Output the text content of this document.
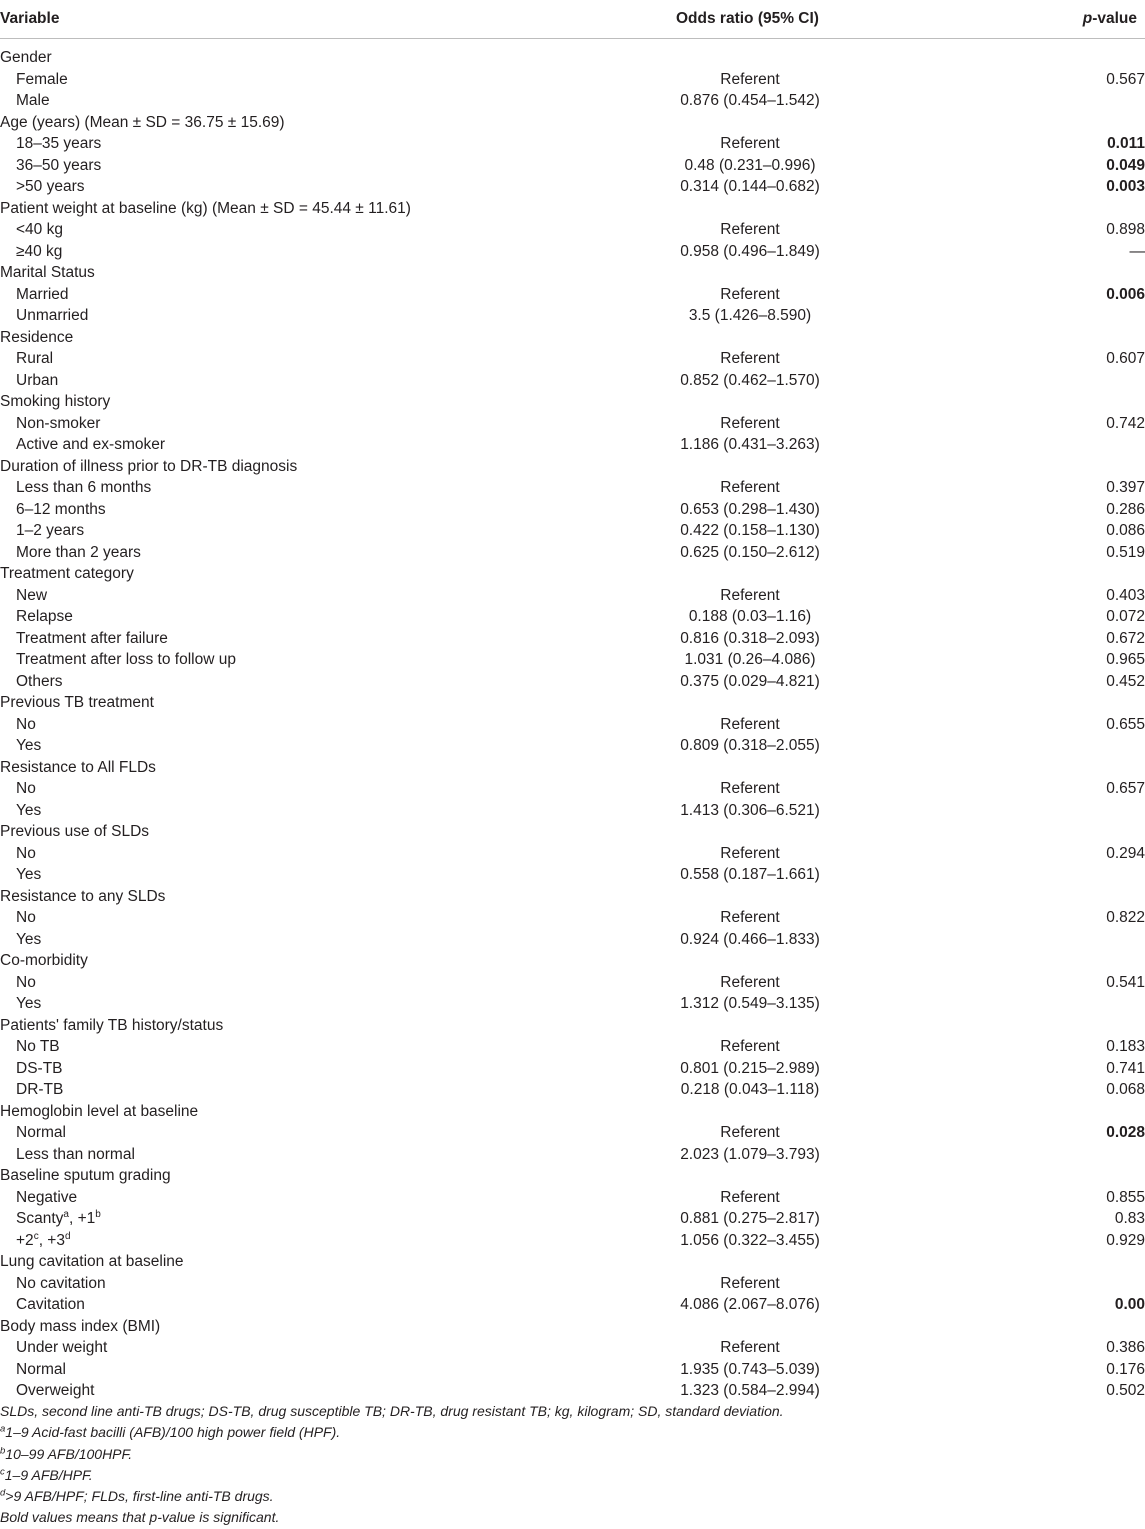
Variable	Odds ratio (95% CI)	p-value
Gender		
Female	Referent	0.567
Male	0.876 (0.454–1.542)	
Age (years) (Mean ± SD = 36.75 ± 15.69)		
18–35 years	Referent	0.011
36–50 years	0.48 (0.231–0.996)	0.049
>50 years	0.314 (0.144–0.682)	0.003
Patient weight at baseline (kg) (Mean ± SD = 45.44 ± 11.61)		
<40 kg	Referent	0.898
≥40 kg	0.958 (0.496–1.849)	—
Marital Status		
Married	Referent	0.006
Unmarried	3.5 (1.426–8.590)	
Residence		
Rural	Referent	0.607
Urban	0.852 (0.462–1.570)	
Smoking history		
Non-smoker	Referent	0.742
Active and ex-smoker	1.186 (0.431–3.263)	
Duration of illness prior to DR-TB diagnosis		
Less than 6 months	Referent	0.397
6–12 months	0.653 (0.298–1.430)	0.286
1–2 years	0.422 (0.158–1.130)	0.086
More than 2 years	0.625 (0.150–2.612)	0.519
Treatment category		
New	Referent	0.403
Relapse	0.188 (0.03–1.16)	0.072
Treatment after failure	0.816 (0.318–2.093)	0.672
Treatment after loss to follow up	1.031 (0.26–4.086)	0.965
Others	0.375 (0.029–4.821)	0.452
Previous TB treatment		
No	Referent	0.655
Yes	0.809 (0.318–2.055)	
Resistance to All FLDs		
No	Referent	0.657
Yes	1.413 (0.306–6.521)	
Previous use of SLDs		
No	Referent	0.294
Yes	0.558 (0.187–1.661)	
Resistance to any SLDs		
No	Referent	0.822
Yes	0.924 (0.466–1.833)	
Co-morbidity		
No	Referent	0.541
Yes	1.312 (0.549–3.135)	
Patients' family TB history/status		
No TB	Referent	0.183
DS-TB	0.801 (0.215–2.989)	0.741
DR-TB	0.218 (0.043–1.118)	0.068
Hemoglobin level at baseline		
Normal	Referent	0.028
Less than normal	2.023 (1.079–3.793)	
Baseline sputum grading		
Negative	Referent	0.855
Scanty$^a$, $+1^b$	0.881 (0.275–2.817)	0.83
$+2^c$, $+3^d$	1.056 (0.322–3.455)	0.929
Lung cavitation at baseline		
No cavitation	Referent	
Cavitation	4.086 (2.067–8.076)	0.00
Body mass index (BMI)		
Under weight	Referent	0.386
Normal	1.935 (0.743–5.039)	0.176
Overweight	1.323 (0.584–2.994)	0.502
SLDs, second line anti-TB drugs; DS-TB, drug susceptible TB; DR-TB, drug resistant TB; kg, kilogram; SD, standard deviation.
$^a$1–9 Acid-fast bacilli (AFB)/100 high power field (HPF).
$^b$10–99 AFB/100HPF.
$^c$1–9 AFB/HPF.
$^d$>9 AFB/HPF; FLDs, first-line anti-TB drugs.
Bold values means that p-value is significant.
